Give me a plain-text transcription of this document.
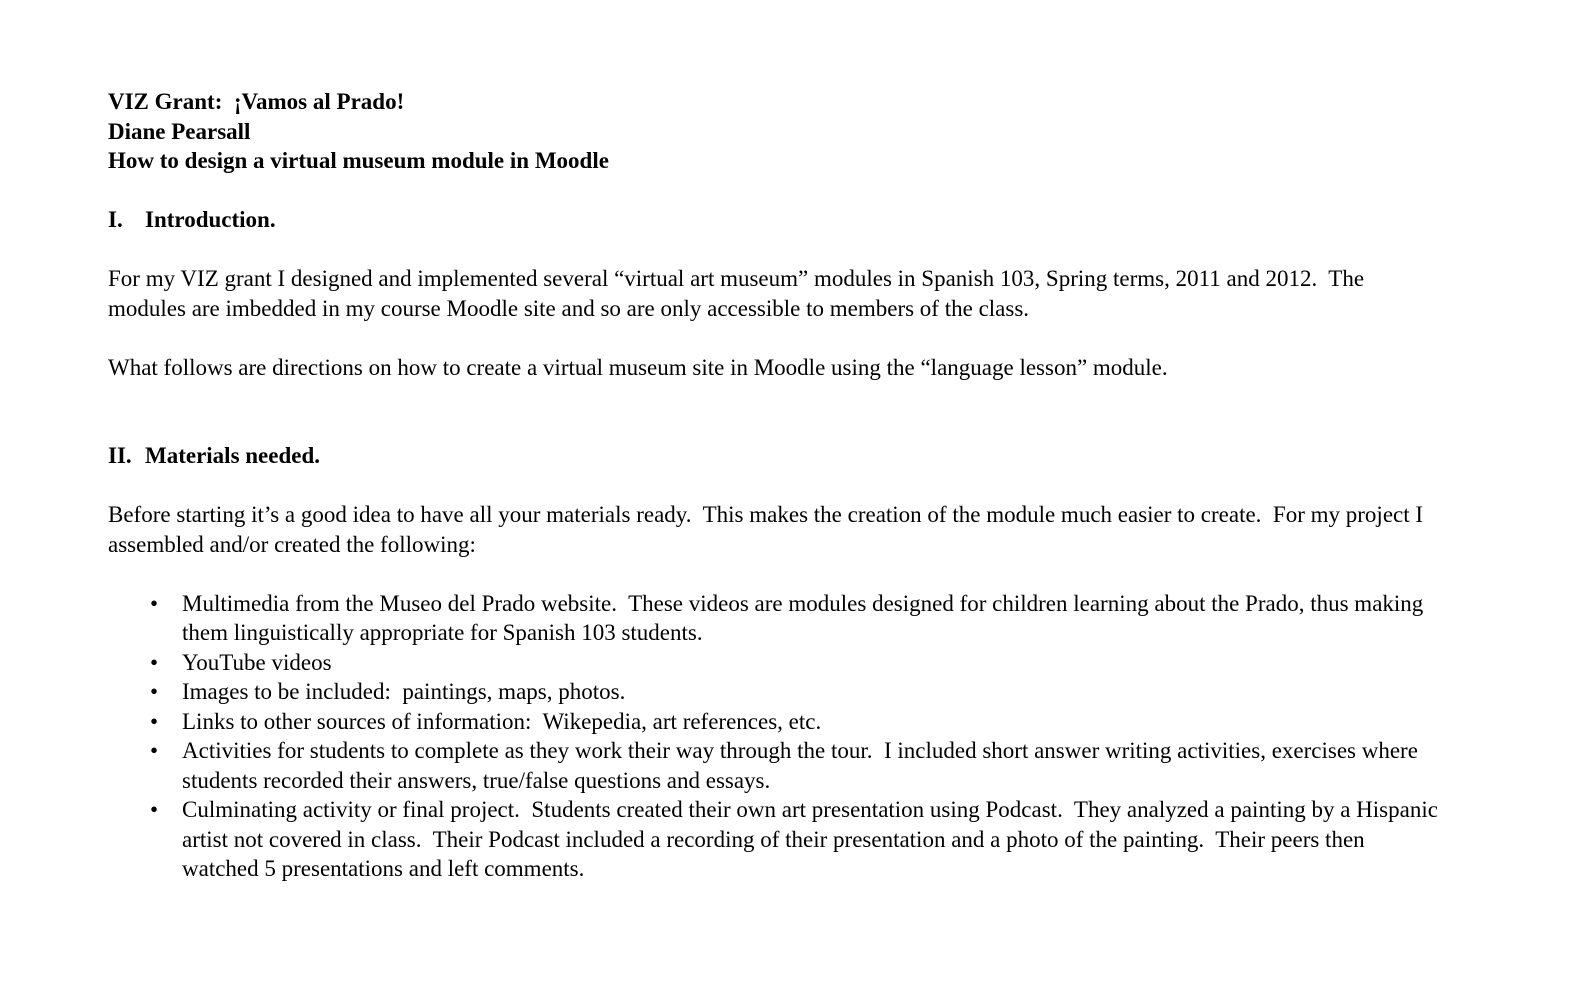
VIZ Grant:  ¡Vamos al Prado!

Diane Pearsall

How to design a virtual museum module in Moodle

I. Introduction.

For my VIZ grant I designed and implemented several “virtual art museum” modules in Spanish 103, Spring terms, 2011 and 2012.  The modules are imbedded in my course Moodle site and so are only accessible to members of the class.

What follows are directions on how to create a virtual museum site in Moodle using the “language lesson” module.

II. Materials needed.

Before starting it’s a good idea to have all your materials ready.  This makes the creation of the module much easier to create.  For my project I assembled and/or created the following:

• Multimedia from the Museo del Prado website.  These videos are modules designed for children learning about the Prado, thus making them linguistically appropriate for Spanish 103 students.
• YouTube videos
• Images to be included:  paintings, maps, photos.
• Links to other sources of information:  Wikepedia, art references, etc.
• Activities for students to complete as they work their way through the tour.  I included short answer writing activities, exercises where students recorded their answers, true/false questions and essays.
• Culminating activity or final project.  Students created their own art presentation using Podcast.  They analyzed a painting by a Hispanic artist not covered in class.  Their Podcast included a recording of their presentation and a photo of the painting.  Their peers then watched 5 presentations and left comments.
